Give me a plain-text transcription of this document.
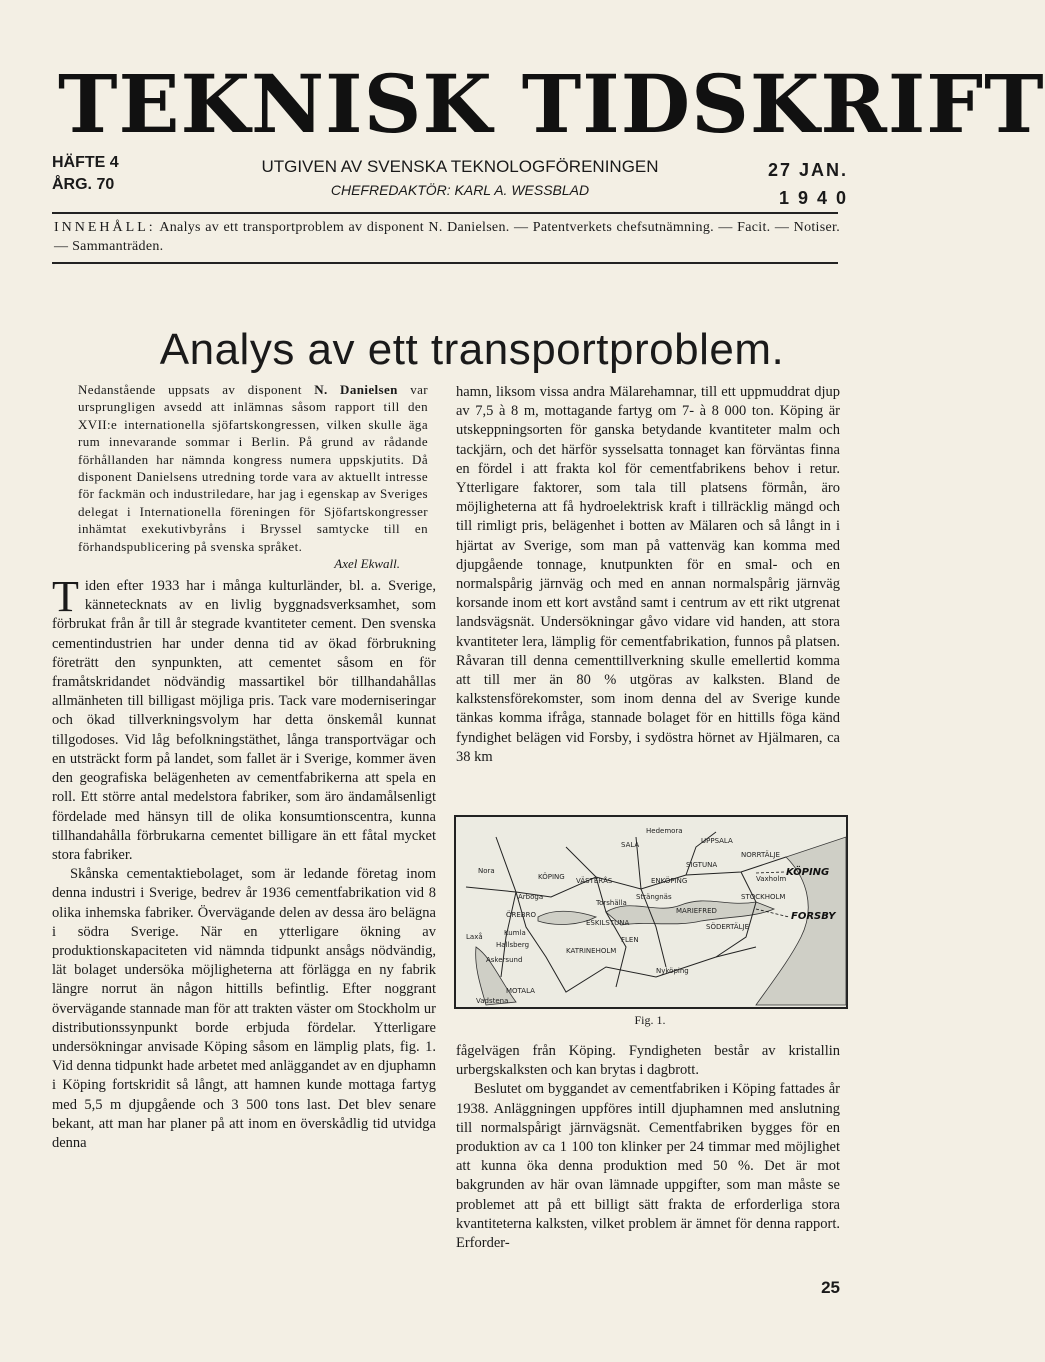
TEKNISK TIDSKRIFT
HÄFTE 4
ÅRG. 70
UTGIVEN AV SVENSKA TEKNOLOGFÖRENINGEN
CHEFREDAKTÖR: KARL A. WESSBLAD
27 JAN.
1 9 4 0
INNEHÅLL: Analys av ett transportproblem av disponent N. Danielsen. — Patentverkets chefsutnämning. — Facit. — Notiser. — Sammanträden.
Analys av ett transportproblem.

Nedanstående uppsats av disponent N. Danielsen var ursprungligen avsedd att inlämnas såsom rapport till den XVII:e internationella sjöfartskongressen, vilken skulle äga rum innevarande sommar i Berlin. På grund av rådande förhållanden har nämnda kongress numera uppskjutits. Då disponent Danielsens utredning torde vara av aktuellt intresse för fackmän och industriledare, har jag i egenskap av Sveriges delegat i Internationella föreningen för Sjöfartskongresser inhämtat exekutivbyråns i Bryssel samtycke till en förhandspublicering på svenska språket.

Axel Ekwall.

Tiden efter 1933 har i många kulturländer, bl. a. Sverige, kännetecknats av en livlig byggnadsverksamhet, som förbrukat från år till år stegrade kvantiteter cement. Den svenska cementindustrien har under denna tid av ökad förbrukning företrätt den synpunkten, att cementet såsom en för framåtskridandet nödvändig massartikel bör tillhandahållas allmänheten till billigast möjliga pris. Tack vare moderniseringar och ökad tillverkningsvolym har detta önskemål kunnat tillgodoses. Vid låg befolkningstäthet, långa transportvägar och en utsträckt form på landet, som fallet är i Sverige, kommer även den geografiska belägenheten av cementfabrikerna att spela en roll. Ett större antal medelstora fabriker, som äro ändamålsenligt fördelade med hänsyn till de olika konsumtionscentra, kunna tillhandahålla förbrukarna cementet billigare än ett fåtal mycket stora fabriker.

Skånska cementaktiebolaget, som är ledande företag inom denna industri i Sverige, bedrev år 1936 cementfabrikation vid 8 olika inhemska fabriker. Övervägande delen av dessa äro belägna i södra Sverige. När en ytterligare ökning av produktionskapaciteten vid nämnda tidpunkt ansågs nödvändig, lät bolaget undersöka möjligheterna att förlägga en ny fabrik längre norrut än någon hittills befintlig. Efter noggrant övervägande stannade man för att trakten väster om Stockholm ur distributionssynpunkt borde erbjuda fördelar. Ytterligare undersökningar anvisade Köping såsom en lämplig plats, fig. 1. Vid denna tidpunkt hade arbetet med anläggandet av en djuphamn i Köping fortskridit så långt, att hamnen kunde mottaga fartyg med 5,5 m djupgående och 3 500 tons last. Det blev senare bekant, att man har planer på att inom en överskådlig tid utvidga denna

hamn, liksom vissa andra Mälarehamnar, till ett uppmuddrat djup av 7,5 à 8 m, mottagande fartyg om 7- à 8 000 ton. Köping är utskeppningsorten för ganska betydande kvantiteter malm och tackjärn, och det härför sysselsatta tonnaget kan förväntas finna en fördel i att frakta kol för cementfabrikens behov i retur. Ytterligare faktorer, som tala till platsens förmån, äro möjligheterna att få hydroelektrisk kraft i tillräcklig mängd och till rimligt pris, belägenhet i botten av Mälaren och så långt in i hjärtat av Sverige, som man på vattenväg kan komma med djupgående tonnage, knutpunkten för en smal- och en normalspårig järnväg och med en annan normalspårig järnväg korsande inom ett kort avstånd samt i centrum av ett rikt utgrenat landsvägsnät. Undersökningar gåvo vidare vid handen, att stora kvantiteter lera, lämplig för cementfabrikation, funnos på platsen. Råvaran till denna cementtillverkning skulle emellertid komma att till mer än 80 % utgöras av kalksten. Bland de kalkstensförekomster, som inom denna del av Sverige kunde tänkas komma ifråga, stannade bolaget för en hittills föga känd fyndighet belägen vid Forsby, i sydöstra hörnet av Hjälmaren, ca 38 km

Hedemora
SALA	UPPSALA
NORRTÄLJE
VÄSTERÅS	ENKÖPING
SIGTUNA
KÖPING
ÖREBRO
STOCKHOLM
ESKILSTUNA
MARIEFRED
SÖDERTÄLJE
Arboga
Nora
Kumla
Hallsberg
Laxå
KATRINEHOLM
FLEN
MOTALA
Askersund
Vadstena
Nyköping
Torshälla
Strängnäs
Vaxholm
KÖPING
FORSBY
Fig. 1.

fågelvägen från Köping. Fyndigheten består av kristallin urbergskalksten och kan brytas i dagbrott.

Beslutet om byggandet av cementfabriken i Köping fattades år 1938. Anläggningen uppföres intill djuphamnen med anslutning till normalspårigt järnvägsnät. Cementfabriken bygges för en produktion av ca 1 100 ton klinker per 24 timmar med möjlighet att kunna öka denna produktion med 50 %. Det är mot bakgrunden av här ovan lämnade uppgifter, som man måste se problemet att på ett billigt sätt frakta de erforderliga stora kvantiteterna kalksten, vilket problem är ämnet för denna rapport. Erforder-

25
